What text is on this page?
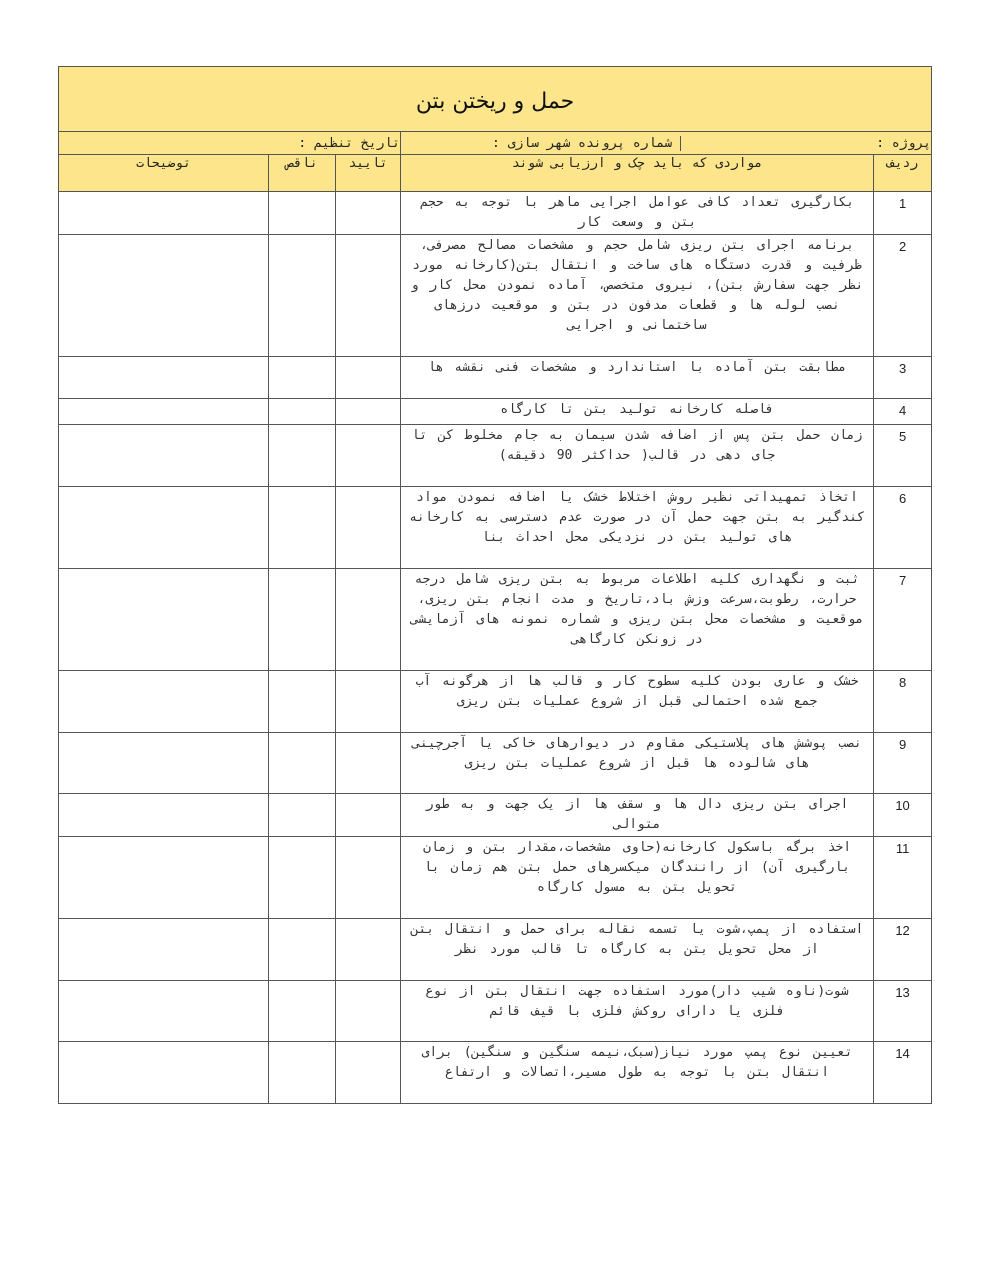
حمل و ریختن بتن				

پروژه :
شماره پرونده شهر سازی :		تاریخ تنظیم :		
ردیف	مواردی که باید چک و ارزیابی شوند	تایید	ناقص	توضیحات
1	بکارگیری تعداد کافی عوامل اجرایی ماهر با توجه به حجم بتن و وسعت کار			
2	برنامه اجرای بتن ریزی شامل حجم و مشخصات مصالح مصرفی، ظرفیت و قدرت دستگاه های ساخت و انتقال بتن(کارخانه مورد نظر جهت سفارش بتن)، نیروی متخصص، آماده نمودن محل کار و نصب لوله ها و قطعات مدفون در بتن و موقعیت درزهای ساختمانی و اجرایی			
3	مطابقت بتن آماده با استاندارد و مشخصات فنی نقشه ها			
4	فاصله کارخانه تولید بتن تا کارگاه			
5	زمان حمل بتن پس از اضافه شدن سیمان به جام مخلوط کن تا جای دهی در قالب( حداکثر 90 دقیقه)			
6	اتخاذ تمهیداتی نظیر روش اختلاط خشک یا اضافه نمودن مواد کندگیر به بتن جهت حمل آن در صورت عدم دسترسی به کارخانه های تولید بتن در نزدیکی محل احداث بنا			
7	ثبت و نگهداری کلیه اطلاعات مربوط به بتن ریزی شامل درجه حرارت، رطوبت،سرعت وزش باد،تاریخ و مدت انجام بتن ریزی، موقعیت و مشخصات محل بتن ریزی و شماره نمونه های آزمایشی در زونکن کارگاهی			
8	خشک و عاری بودن کلیه سطوح کار و قالب ها از هرگونه آب جمع شده احتمالی قبل از شروع عملیات بتن ریزی			
9	نصب پوشش های پلاستیکی مقاوم در دیوارهای خاکی یا آجرچینی های شالوده ها قبل از شروع عملیات بتن ریزی			
10	اجرای بتن ریزی دال ها و سقف ها از یک جهت و به طور متوالی			
11	اخذ برگه باسکول کارخانه(حاوی مشخصات،مقدار بتن و زمان بارگیری آن) از رانندگان میکسرهای حمل بتن هم زمان با تحویل بتن به مسول کارگاه			
12	استفاده از پمپ،شوت یا تسمه نقاله برای حمل و انتقال بتن از محل تحویل بتن به کارگاه تا قالب مورد نظر			
13	شوت(ناوه شیب دار)مورد استفاده جهت انتقال بتن از نوع فلزی یا دارای روکش فلزی با قیف قائم			
14	تعیین نوع پمپ مورد نیاز(سبک،نیمه سنگین و سنگین) برای انتقال بتن با توجه به طول مسیر،اتصالات و ارتفاع			
